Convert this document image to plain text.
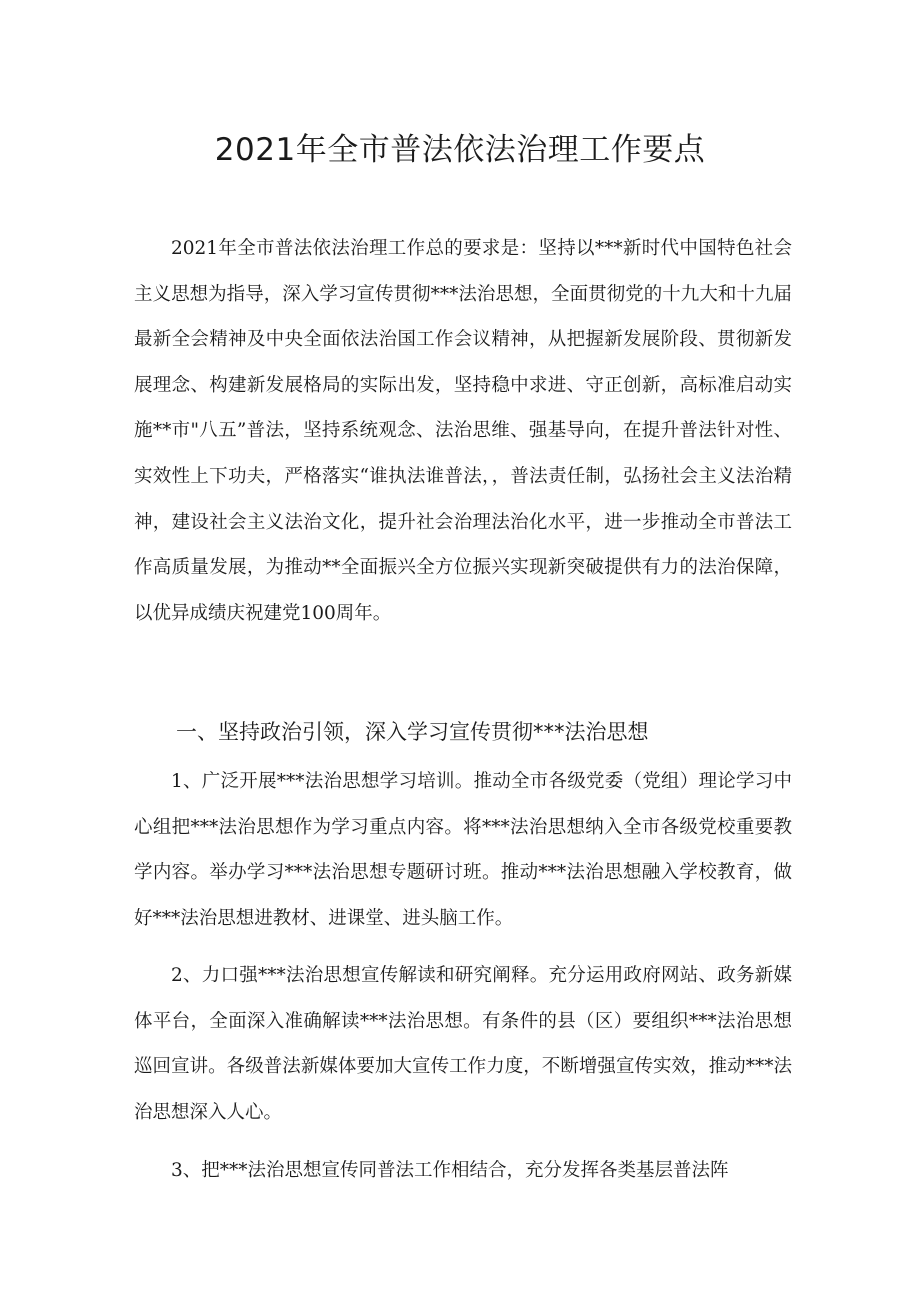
2021年全市普法依法治理工作要点

2021年全市普法依法治理工作总的要求是：坚持以***新时代中国特色社会主义思想为指导，深入学习宣传贯彻***法治思想，全面贯彻党的十九大和十九届最新全会精神及中央全面依法治国工作会议精神，从把握新发展阶段、贯彻新发展理念、构建新发展格局的实际出发，坚持稳中求进、守正创新，高标准启动实施**市"八五”普法，坚持系统观念、法治思维、强基导向，在提升普法针对性、实效性上下功夫，严格落实“谁执法谁普法，，普法责任制，弘扬社会主义法治精神，建设社会主义法治文化，提升社会治理法治化水平，进一步推动全市普法工作高质量发展，为推动**全面振兴全方位振兴实现新突破提供有力的法治保障，以优异成绩庆祝建党100周年。

一、坚持政治引领，深入学习宣传贯彻***法治思想

1、广泛开展***法治思想学习培训。推动全市各级党委（党组）理论学习中心组把***法治思想作为学习重点内容。将***法治思想纳入全市各级党校重要教学内容。举办学习***法治思想专题研讨班。推动***法治思想融入学校教育，做好***法治思想进教材、进课堂、进头脑工作。

2、力口强***法治思想宣传解读和研究阐释。充分运用政府网站、政务新媒体平台，全面深入准确解读***法治思想。有条件的县（区）要组织***法治思想巡回宣讲。各级普法新媒体要加大宣传工作力度，不断增强宣传实效，推动***法治思想深入人心。

3、把***法治思想宣传同普法工作相结合，充分发挥各类基层普法阵
